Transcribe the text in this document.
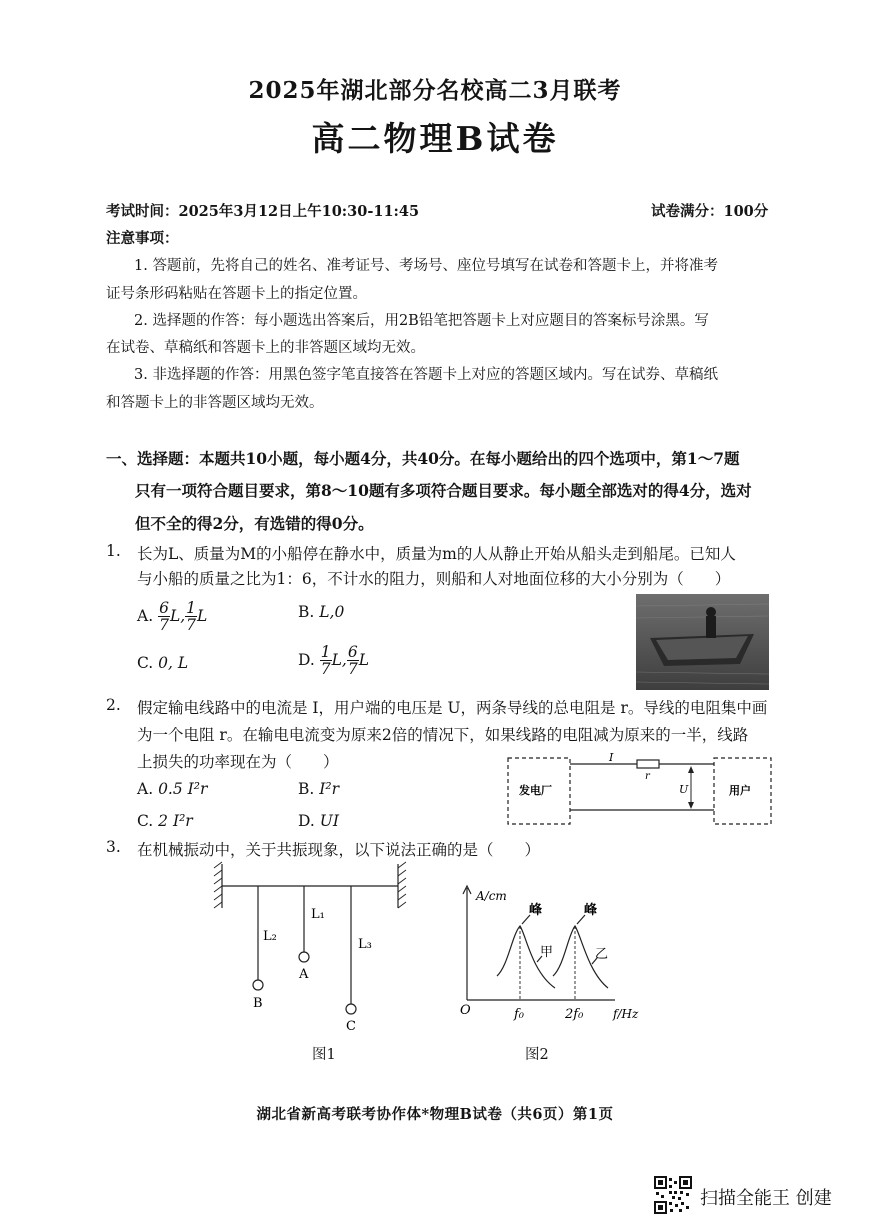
2025年湖北部分名校高二3月联考
高二物理B试卷
考试时间：2025年3月12日上午10:30-11:45	试卷满分：100分
注意事项：
1. 答题前，先将自己的姓名、准考证号、考场号、座位号填写在试卷和答题卡上，并将准考
证号条形码粘贴在答题卡上的指定位置。
2. 选择题的作答：每小题选出答案后，用2B铅笔把答题卡上对应题目的答案标号涂黑。写
在试卷、草稿纸和答题卡上的非答题区域均无效。
3. 非选择题的作答：用黑色签字笔直接答在答题卡上对应的答题区域内。写在试券、草稿纸
和答题卡上的非答题区域均无效。
一、选择题：本题共10小题，每小题4分，共40分。在每小题给出的四个选项中，第1～7题
只有一项符合题目要求，第8～10题有多项符合题目要求。每小题全部选对的得4分，选对
但不全的得2分，有选错的得0分。
1. 长为L、质量为M的小船停在静水中，质量为m的人从静止开始从船头走到船尾。已知人
与小船的质量之比为1：6，不计水的阻力，则船和人对地面位移的大小分别为（　　）
A. $\frac{6}{7} L$, $\frac{1}{7}$ L	B. L,0
C. 0, L	D. $\frac{1}{7} L$, $\frac{6}{7}$ L
2. 假定输电线路中的电流是 I，用户端的电压是 U，两条导线的总电阻是 r。导线的电阻集中画
为一个电阻 r。在输电电流变为原来2倍的情况下，如果线路的电阻减为原来的一半，线路
上损失的功率现在为（　　）
A. 0.5 I²r	B. I²r
C. 2 I²r	D. UI
发电厂	用户
I
r
U
3. 在机械振动中，关于共振现象，以下说法正确的是（　　）
L₂
L₁
L₃
A
B
C
图1
A/cm
O	f₀	2f₀ f/Hz
峰	峰
甲	乙
图2
湖北省新高考联考协作体*物理B试卷（共6页）第1页
扫描全能王 创建
